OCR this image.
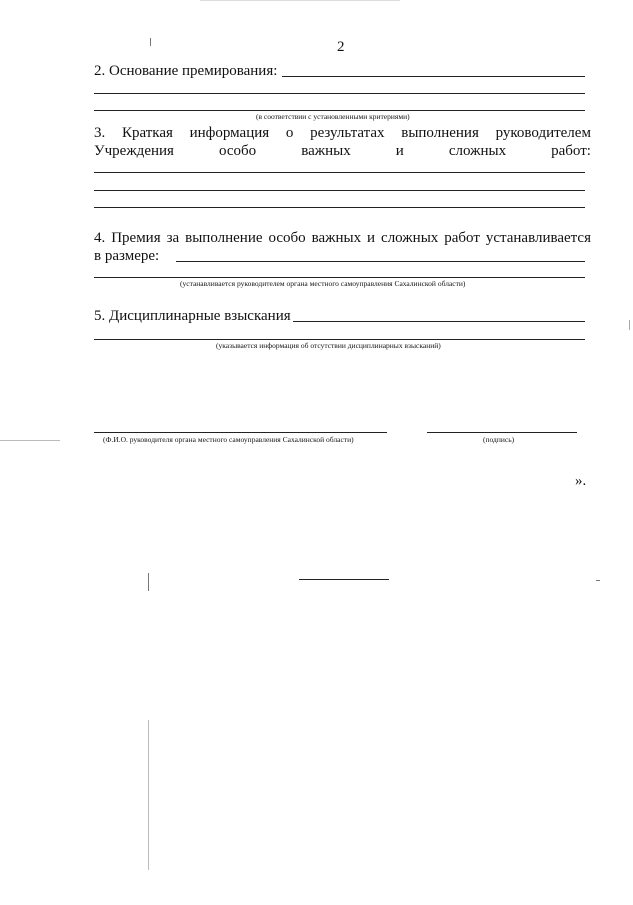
2
2. Основание премирования:
(в соответствии с установленными критериями)
3. Краткая информация о результатах выполнения руководителем
Учреждения	особо	важных	и	сложных	работ:
4. Премия за выполнение особо важных и сложных работ устанавливается
в размере:
(устанавливается руководителем органа местного самоуправления Сахалинской области)
5. Дисциплинарные взыскания
(указывается информация об отсутствии дисциплинарных взысканий)
(Ф.И.О. руководителя органа местного самоуправления Сахалинской области)	(подпись)
».
